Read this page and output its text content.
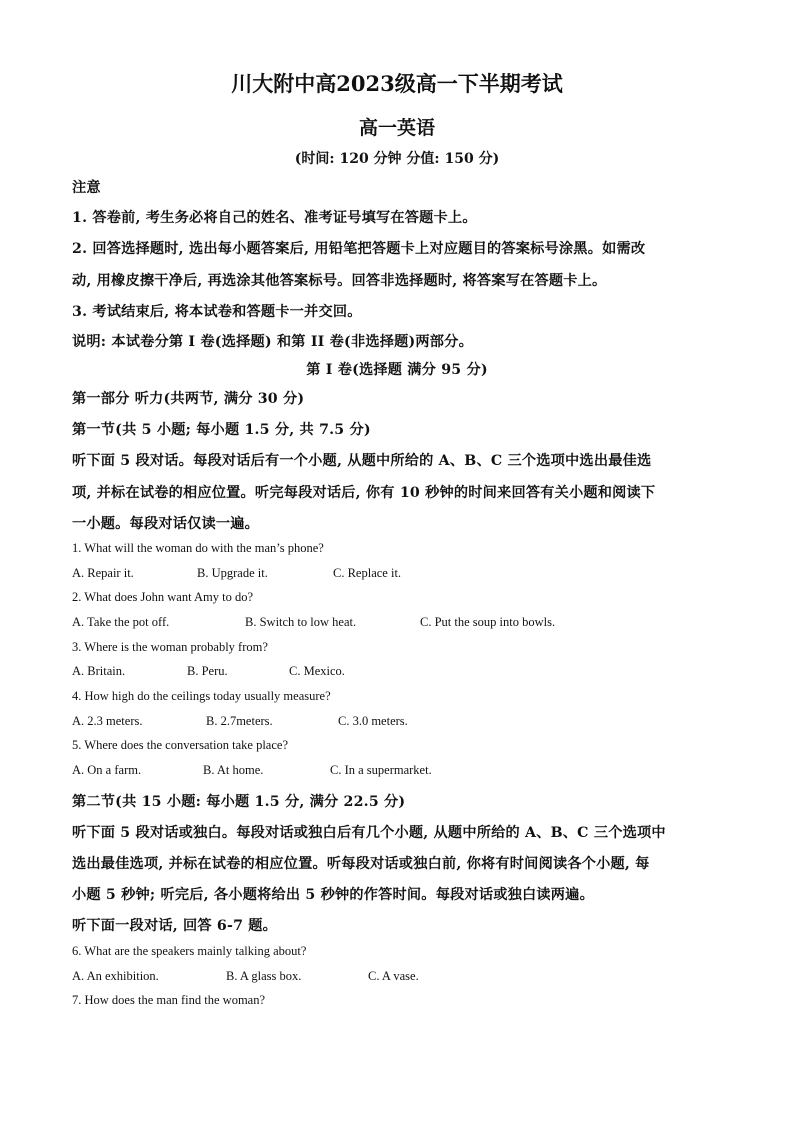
川大附中高2023级高一下半期考试
高一英语
(时间: 120 分钟 分值: 150 分)
注意
1. 答卷前, 考生务必将自己的姓名、准考证号填写在答题卡上。
2. 回答选择题时, 选出每小题答案后, 用铅笔把答题卡上对应题目的答案标号涂黑。如需改
动, 用橡皮擦干净后, 再选涂其他答案标号。回答非选择题时, 将答案写在答题卡上。
3. 考试结束后, 将本试卷和答题卡一并交回。
说明: 本试卷分第 I 卷(选择题) 和第 II 卷(非选择题)两部分。
第 I 卷(选择题 满分 95 分)
第一部分 听力(共两节, 满分 30 分)
第一节(共 5 小题; 每小题 1.5 分, 共 7.5 分)
听下面 5 段对话。每段对话后有一个小题, 从题中所给的 A、B、C 三个选项中选出最佳选
项, 并标在试卷的相应位置。听完每段对话后, 你有 10 秒钟的时间来回答有关小题和阅读下
一小题。每段对话仅读一遍。
1. What will the woman do with the man’s phone?
A. Repair it.	B. Upgrade it.	C. Replace it.
2. What does John want Amy to do?
A. Take the pot off.	B. Switch to low heat.	C. Put the soup into bowls.
3. Where is the woman probably from?
A. Britain.	B. Peru.	C. Mexico.
4. How high do the ceilings today usually measure?
A. 2.3 meters.	B. 2.7meters.	C. 3.0 meters.
5. Where does the conversation take place?
A. On a farm.	B. At home.	C. In a supermarket.
第二节(共 15 小题: 每小题 1.5 分, 满分 22.5 分)
听下面 5 段对话或独白。每段对话或独白后有几个小题, 从题中所给的 A、B、C 三个选项中
选出最佳选项, 并标在试卷的相应位置。听每段对话或独白前, 你将有时间阅读各个小题, 每
小题 5 秒钟; 听完后, 各小题将给出 5 秒钟的作答时间。每段对话或独白读两遍。
听下面一段对话, 回答 6-7 题。
6. What are the speakers mainly talking about?
A. An exhibition.	B. A glass box.	C. A vase.
7. How does the man find the woman?
